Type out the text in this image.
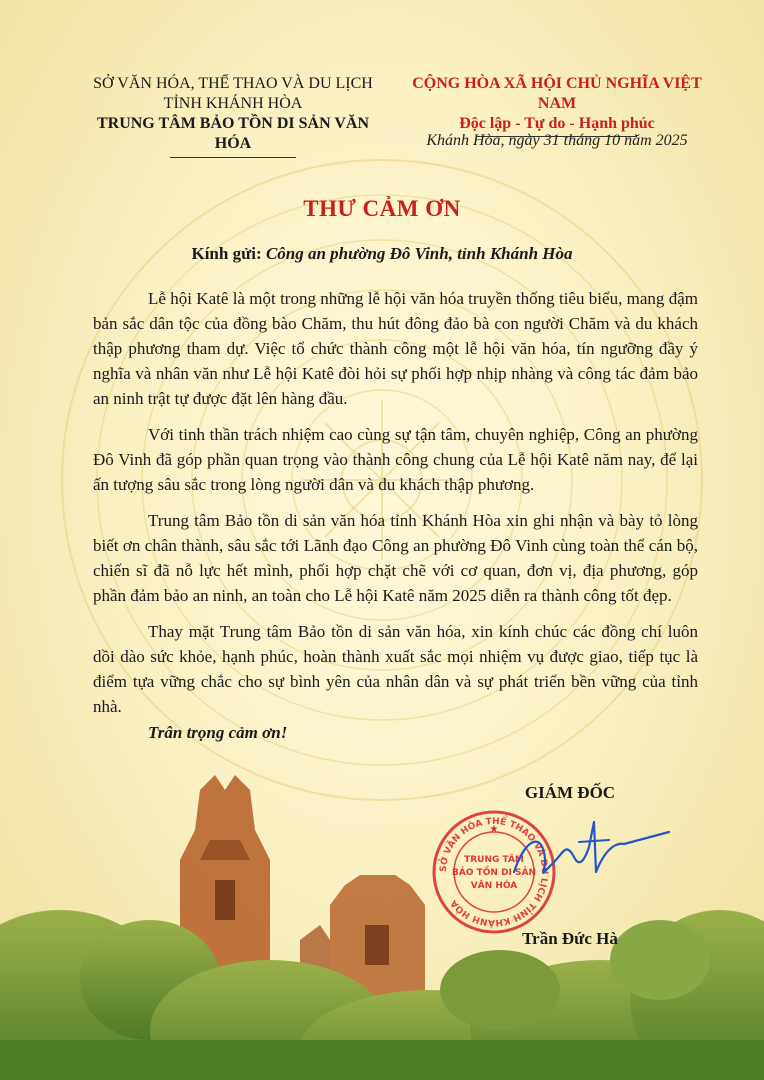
SỞ VĂN HÓA, THỂ THAO VÀ DU LỊCH
TỈNH KHÁNH HÒA
TRUNG TÂM BẢO TỒN DI SẢN VĂN HÓA
CỘNG HÒA XÃ HỘI CHỦ NGHĨA VIỆT NAM
Độc lập - Tự do - Hạnh phúc
Khánh Hòa, ngày 31 tháng 10 năm 2025
THƯ CẢM ƠN
Kính gửi: Công an phường Đô Vinh, tỉnh Khánh Hòa

Lễ hội Katê là một trong những lễ hội văn hóa truyền thống tiêu biểu, mang đậm bản sắc dân tộc của đồng bào Chăm, thu hút đông đảo bà con người Chăm và du khách thập phương tham dự. Việc tổ chức thành công một lễ hội văn hóa, tín ngưỡng đầy ý nghĩa và nhân văn như Lễ hội Katê đòi hỏi sự phối hợp nhịp nhàng và công tác đảm bảo an ninh trật tự được đặt lên hàng đầu.

Với tinh thần trách nhiệm cao cùng sự tận tâm, chuyên nghiệp, Công an phường Đô Vinh đã góp phần quan trọng vào thành công chung của Lễ hội Katê năm nay, để lại ấn tượng sâu sắc trong lòng người dân và du khách thập phương.

Trung tâm Bảo tồn di sản văn hóa tỉnh Khánh Hòa xin ghi nhận và bày tỏ lòng biết ơn chân thành, sâu sắc tới Lãnh đạo Công an phường Đô Vinh cùng toàn thể cán bộ, chiến sĩ đã nỗ lực hết mình, phối hợp chặt chẽ với cơ quan, đơn vị, địa phương, góp phần đảm bảo an ninh, an toàn cho Lễ hội Katê năm 2025 diễn ra thành công tốt đẹp.

Thay mặt Trung tâm Bảo tồn di sản văn hóa, xin kính chúc các đồng chí luôn dồi dào sức khỏe, hạnh phúc, hoàn thành xuất sắc mọi nhiệm vụ được giao, tiếp tục là điểm tựa vững chắc cho sự bình yên của nhân dân và sự phát triển bền vững của tỉnh nhà.

Trân trọng cảm ơn!
GIÁM ĐỐC
SỞ VĂN HÓA THỂ THAO VÀ DU LỊCH TỈNH KHÁNH HÒA
TRUNG TÂM
BẢO TỒN DI SẢN
VĂN HÓA
★
Trần Đức Hà
